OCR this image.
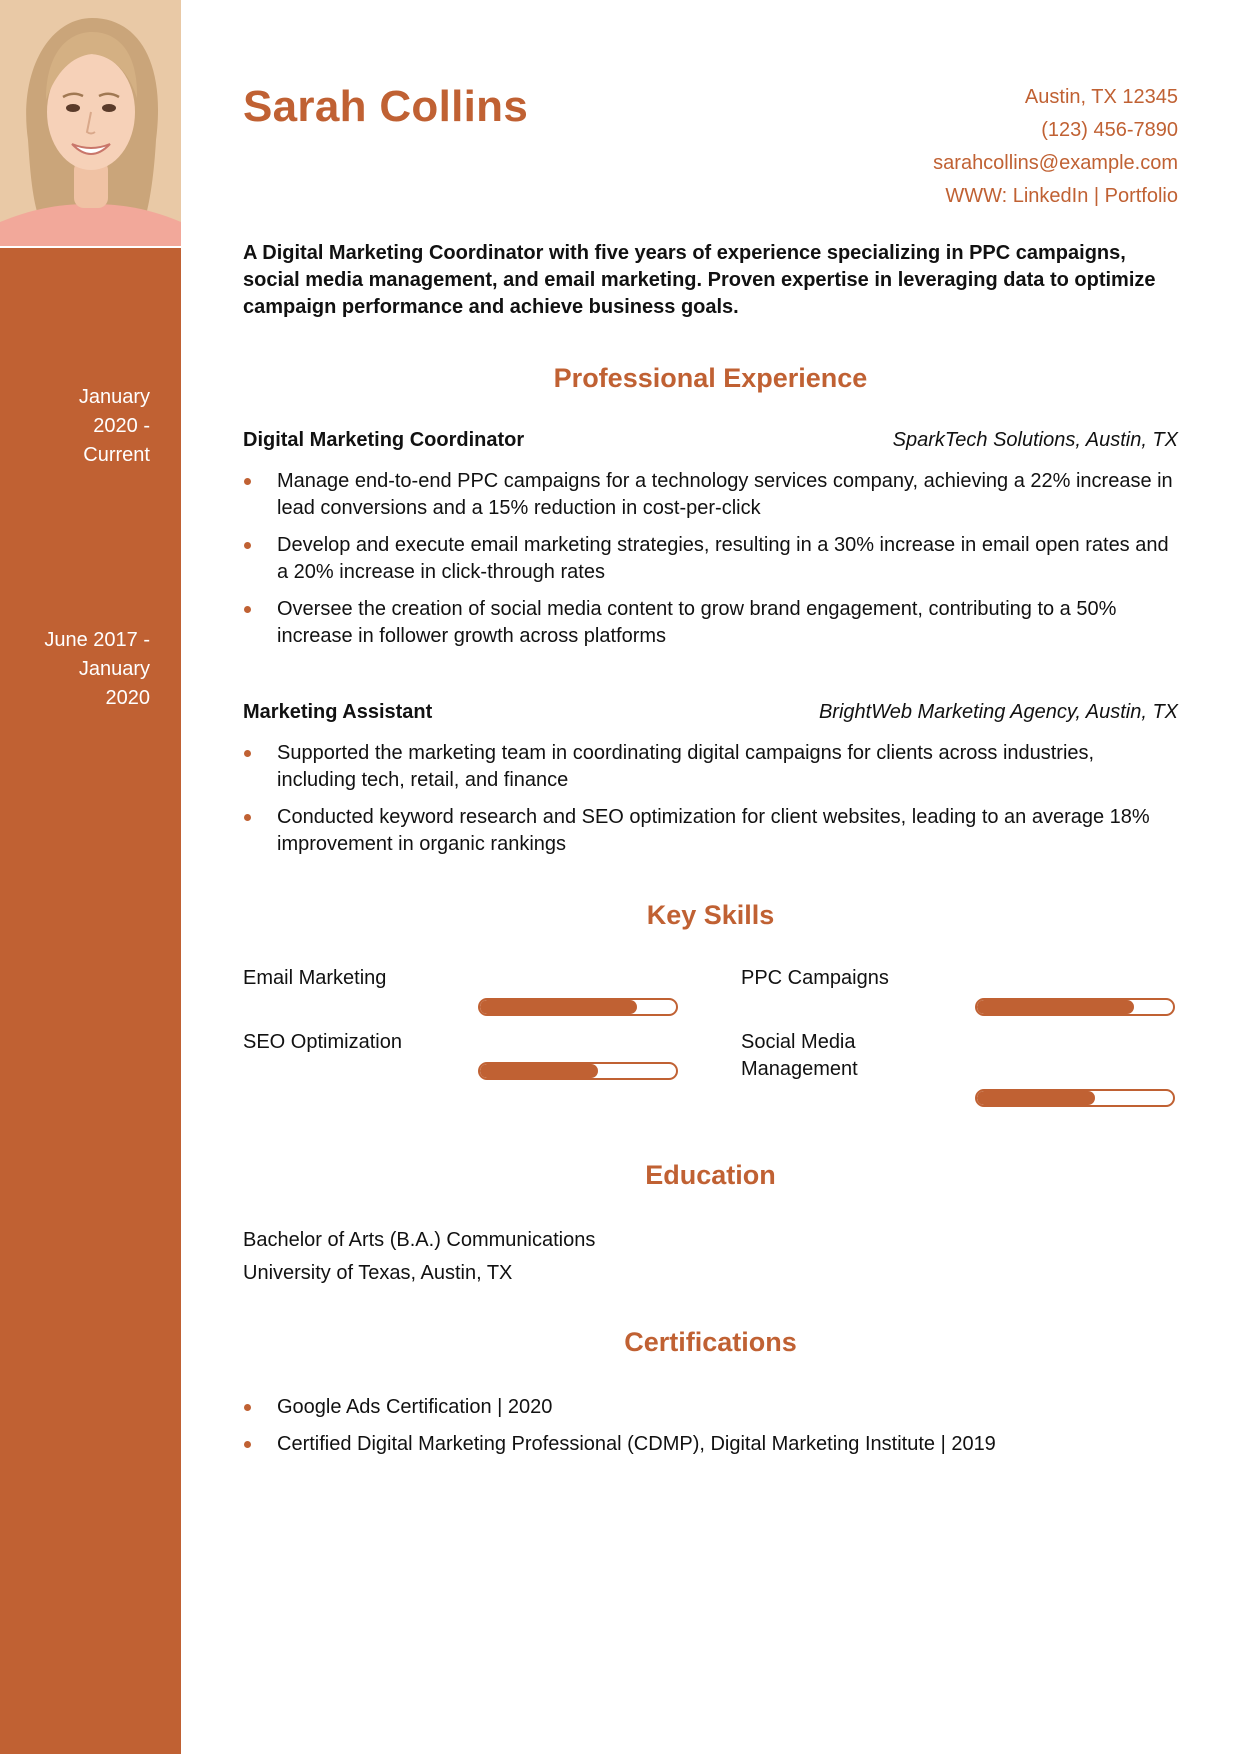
January
2020 -
Current
June 2017 -
January
2020
Sarah Collins	Austin, TX 12345
(123) 456-7890
sarahcollins@example.com
WWW: LinkedIn | Portfolio
A Digital Marketing Coordinator with five years of experience specializing in PPC campaigns, social media management, and email marketing. Proven expertise in leveraging data to optimize campaign performance and achieve business goals.
Professional Experience
Digital Marketing Coordinator	SparkTech Solutions, Austin, TX
Manage end-to-end PPC campaigns for a technology services company, achieving a 22% increase in lead conversions and a 15% reduction in cost-per-click
Develop and execute email marketing strategies, resulting in a 30% increase in email open rates and a 20% increase in click-through rates
Oversee the creation of social media content to grow brand engagement, contributing to a 50% increase in follower growth across platforms
Marketing Assistant	BrightWeb Marketing Agency, Austin, TX
Supported the marketing team in coordinating digital campaigns for clients across industries, including tech, retail, and finance
Conducted keyword research and SEO optimization for client websites, leading to an average 18% improvement in organic rankings
Key Skills
Email Marketing	PPC Campaigns
SEO Optimization	Social Media Management
Education
Bachelor of Arts (B.A.) Communications
University of Texas, Austin, TX
Certifications
Google Ads Certification | 2020
Certified Digital Marketing Professional (CDMP), Digital Marketing Institute | 2019
